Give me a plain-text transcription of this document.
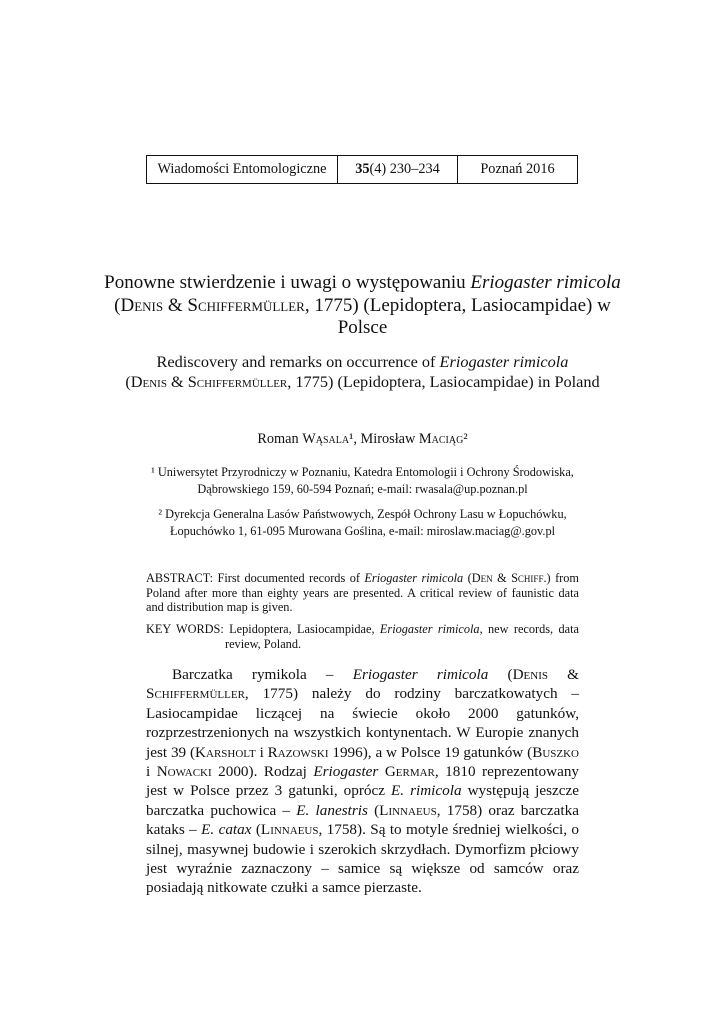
Wiadomości Entomologiczne 35 (4) 230–234	Poznań 2016
Ponowne stwierdzenie i uwagi o występowaniu Eriogaster rimicola (Denis & Schiffermüller, 1775) (Lepidoptera, Lasiocampidae) w Polsce
Rediscovery and remarks on occurrence of Eriogaster rimicola
(Denis & Schiffermüller, 1775) (Lepidoptera, Lasiocampidae) in Poland
Roman Wąsala¹, Mirosław Maciąg²
¹ Uniwersytet Przyrodniczy w Poznaniu, Katedra Entomologii i Ochrony Środowiska,
Dąbrowskiego 159, 60-594 Poznań; e-mail: rwasala@up.poznan.pl
² Dyrekcja Generalna Lasów Państwowych, Zespół Ochrony Lasu w Łopuchówku,
Łopuchówko 1, 61-095 Murowana Goślina, e-mail: miroslaw.maciag@.gov.pl
ABSTRACT: First documented records of Eriogaster rimicola (Den & Schiff.) from Poland after more than eighty years are presented. A critical review of faunistic data and distribution map is given.
KEY WORDS: Lepidoptera, Lasiocampidae, Eriogaster rimicola, new records, data review, Poland.
Barczatka rymikola – Eriogaster rimicola (Denis & Schiffermüller, 1775) należy do rodziny barczatkowatych – Lasiocampidae liczącej na świecie około 2000 gatunków, rozprzestrzenionych na wszystkich kontynentach. W Europie znanych jest 39 (Karsholt i Razowski 1996), a w Polsce 19 gatunków (Buszko i Nowacki 2000). Rodzaj Eriogaster Germar, 1810 reprezentowany jest w Polsce przez 3 gatunki, oprócz E. rimicola występują jeszcze barczatka puchowica – E. lanestris (Linnaeus, 1758) oraz barczatka kataks – E. catax (Linnaeus, 1758). Są to motyle średniej wielkości, o silnej, masywnej budowie i szerokich skrzydłach. Dymorfizm płciowy jest wyraźnie zaznaczony – samice są większe od samców oraz posiadają nitkowate czułki a samce pierzaste.
